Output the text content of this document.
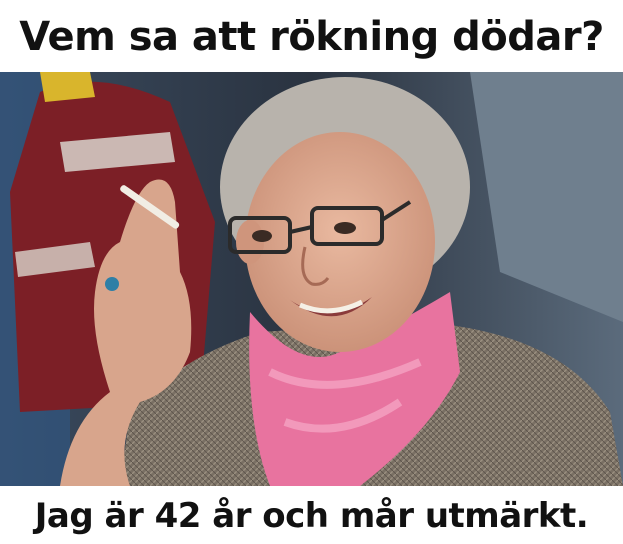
Vem sa att rökning dödar?
Jag är 42 år och mår utmärkt.
